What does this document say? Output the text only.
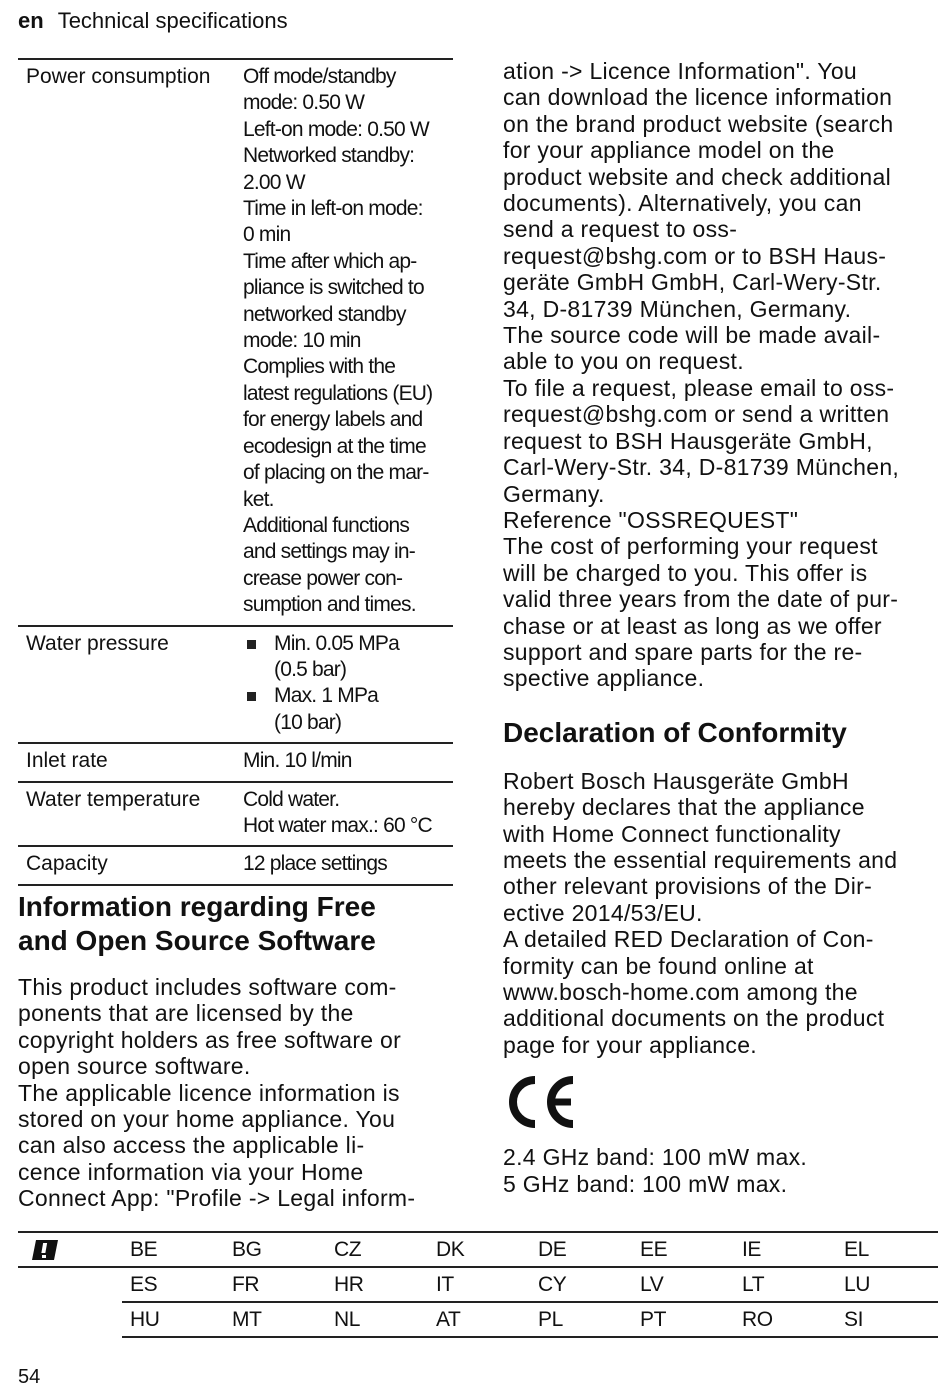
en Technical specifications
Power consumption	Off mode/standby
mode: 0.50 W
Left-on mode: 0.50 W
Networked standby:
2.00 W
Time in left-on mode:
0 min
Time after which ap-
pliance is switched to
networked standby
mode: 10 min
Complies with the
latest regulations (EU)
for energy labels and
ecodesign at the time
of placing on the mar-
ket.
Additional functions
and settings may in-
crease power con-
sumption and times.
Water pressure	Min. 0.05 MPa
(0.5 bar)
Max. 1 MPa
(10 bar)
Inlet rate	Min. 10 l/min
Water temperature	Cold water.
Hot water max.: 60 °C
Capacity	12 place settings
Information regarding Free
and Open Source Software
This product includes software com-
ponents that are licensed by the
copyright holders as free software or
open source software.
The applicable licence information is
stored on your home appliance. You
can also access the applicable li-
cence information via your Home
Connect App: "Profile -> Legal inform-
ation -> Licence Information". You
can download the licence information
on the brand product website (search
for your appliance model on the
product website and check additional
documents). Alternatively, you can
send a request to oss-
request@bshg.com or to BSH Haus-
geräte GmbH GmbH, Carl-Wery-Str.
34, D-81739 München, Germany.
The source code will be made avail-
able to you on request.
To file a request, please email to oss-
request@bshg.com or send a written
request to BSH Hausgeräte GmbH,
Carl-Wery-Str. 34, D-81739 München,
Germany.
Reference "OSSREQUEST"
The cost of performing your request
will be charged to you. This offer is
valid three years from the date of pur-
chase or at least as long as we offer
support and spare parts for the re-
spective appliance.
Declaration of Conformity
Robert Bosch Hausgeräte GmbH
hereby declares that the appliance
with Home Connect functionality
meets the essential requirements and
other relevant provisions of the Dir-
ective 2014/53/EU.
A detailed RED Declaration of Con-
formity can be found online at
www.bosch-home.com among the
additional documents on the product
page for your appliance.
2.4 GHz band: 100 mW max.
5 GHz band: 100 mW max.
BE	BG	CZ	DK	DE	EE	IE	EL
ES	FR	HR	IT	CY	LV	LT	LU
HU	MT	NL	AT	PL	PT	RO	SI
54
